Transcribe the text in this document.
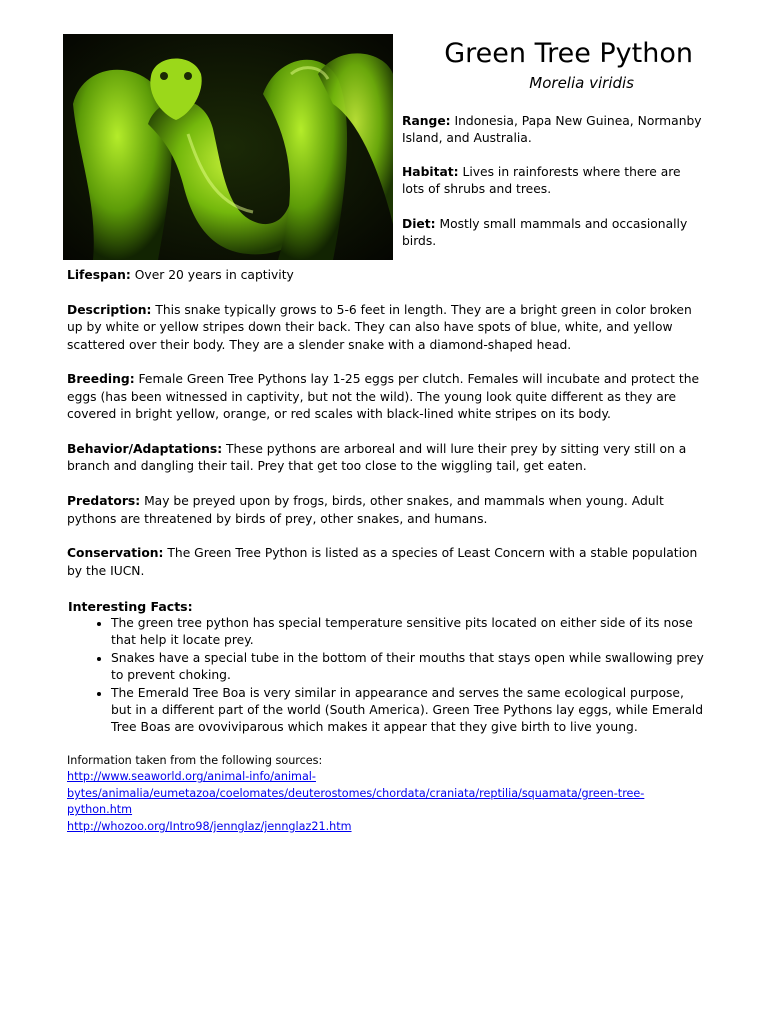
Green Tree Python
Morelia viridis
Range: Indonesia, Papa New Guinea, Normanby Island, and Australia.
Habitat: Lives in rainforests where there are lots of shrubs and trees.
Diet: Mostly small mammals and occasionally birds.

Lifespan: Over 20 years in captivity

Description: This snake typically grows to 5-6 feet in length. They are a bright green in color broken up by white or yellow stripes down their back. They can also have spots of blue, white, and yellow scattered over their body. They are a slender snake with a diamond-shaped head.

Breeding: Female Green Tree Pythons lay 1-25 eggs per clutch. Females will incubate and protect the eggs (has been witnessed in captivity, but not the wild). The young look quite different as they are covered in bright yellow, orange, or red scales with black-lined white stripes on its body.

Behavior/Adaptations: These pythons are arboreal and will lure their prey by sitting very still on a branch and dangling their tail. Prey that get too close to the wiggling tail, get eaten.

Predators: May be preyed upon by frogs, birds, other snakes, and mammals when young. Adult pythons are threatened by birds of prey, other snakes, and humans.

Conservation: The Green Tree Python is listed as a species of Least Concern with a stable population by the IUCN.

Interesting Facts:
• The green tree python has special temperature sensitive pits located on either side of its nose that help it locate prey.
• Snakes have a special tube in the bottom of their mouths that stays open while swallowing prey to prevent choking.
• The Emerald Tree Boa is very similar in appearance and serves the same ecological purpose, but in a different part of the world (South America). Green Tree Pythons lay eggs, while Emerald Tree Boas are ovoviviparous which makes it appear that they give birth to live young.
Information taken from the following sources:
http://www.seaworld.org/animal-info/animal-bytes/animalia/eumetazoa/coelomates/deuterostomes/chordata/craniata/reptilia/squamata/green-tree-python.htm
http://whozoo.org/Intro98/jennglaz/jennglaz21.htm
